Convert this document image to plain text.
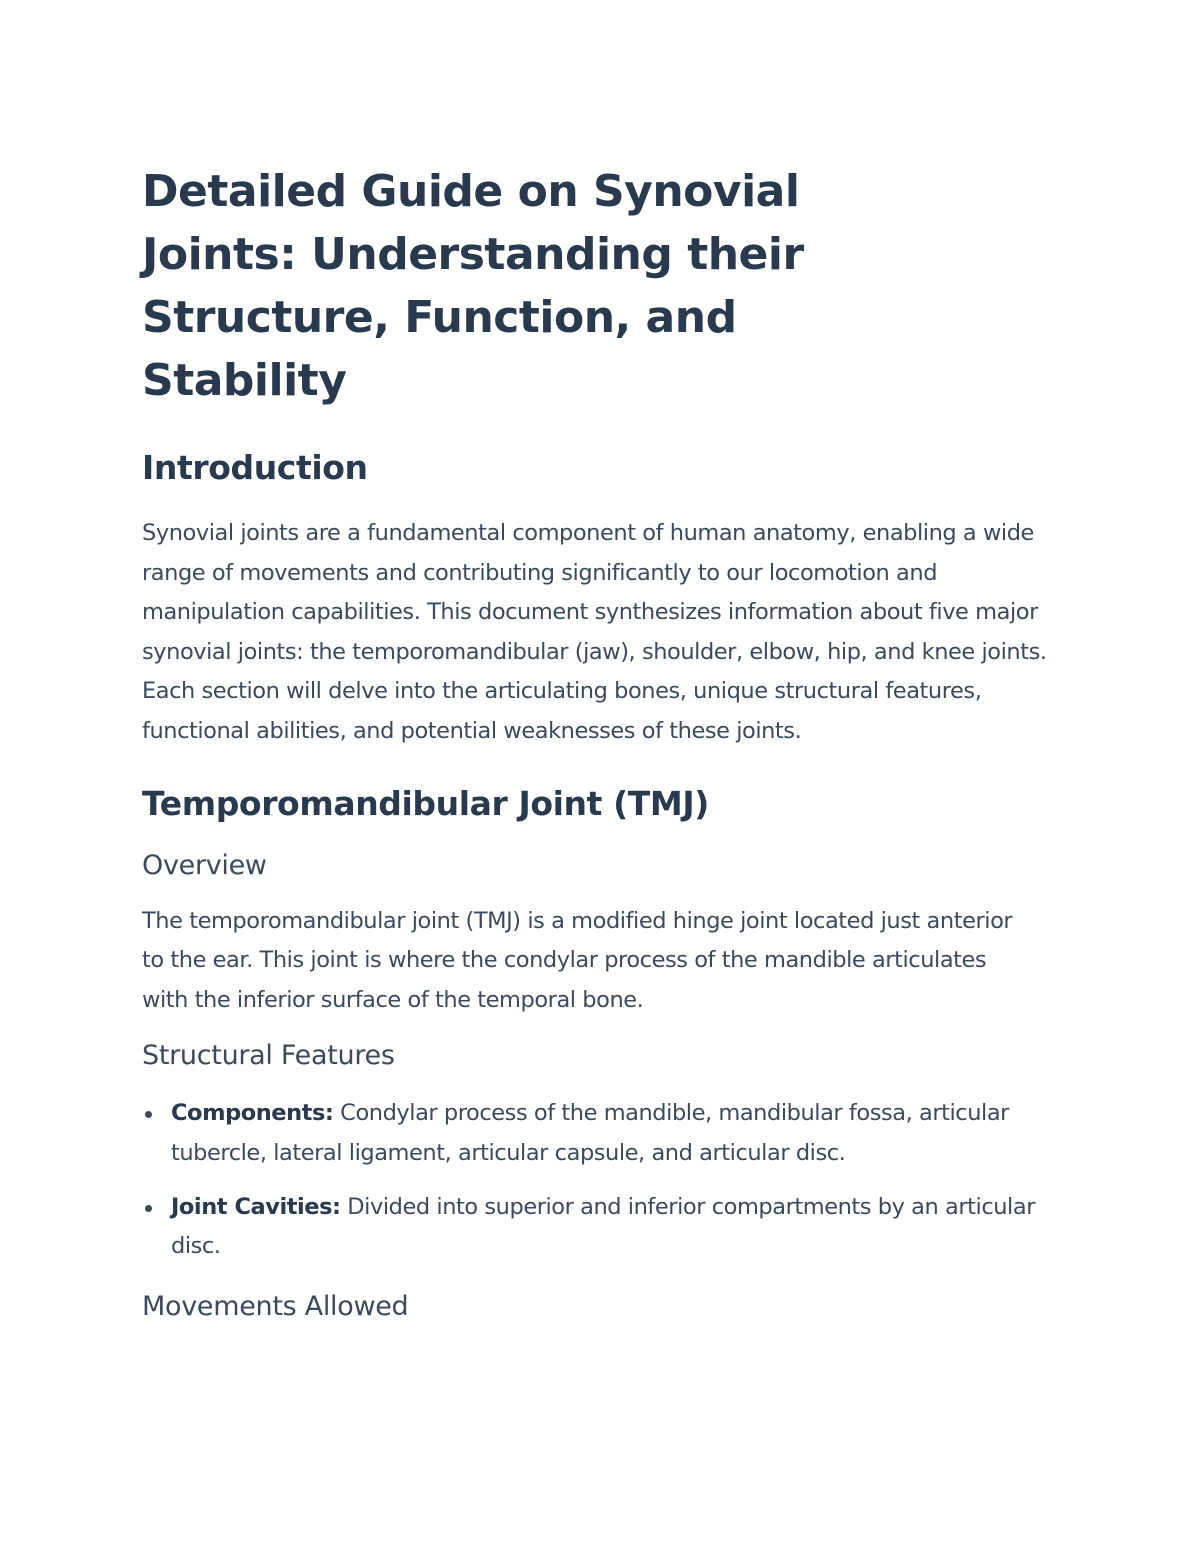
Detailed Guide on Synovial Joints: Understanding their Structure, Function, and Stability
Introduction

Synovial joints are a fundamental component of human anatomy, enabling a wide range of movements and contributing significantly to our locomotion and manipulation capabilities. This document synthesizes information about five major synovial joints: the temporomandibular (jaw), shoulder, elbow, hip, and knee joints. Each section will delve into the articulating bones, unique structural features, functional abilities, and potential weaknesses of these joints.

Temporomandibular Joint (TMJ)
Overview

The temporomandibular joint (TMJ) is a modified hinge joint located just anterior to the ear. This joint is where the condylar process of the mandible articulates with the inferior surface of the temporal bone.

Structural Features
Components: Condylar process of the mandible, mandibular fossa, articular tubercle, lateral ligament, articular capsule, and articular disc.
Joint Cavities: Divided into superior and inferior compartments by an articular disc.
Movements Allowed
